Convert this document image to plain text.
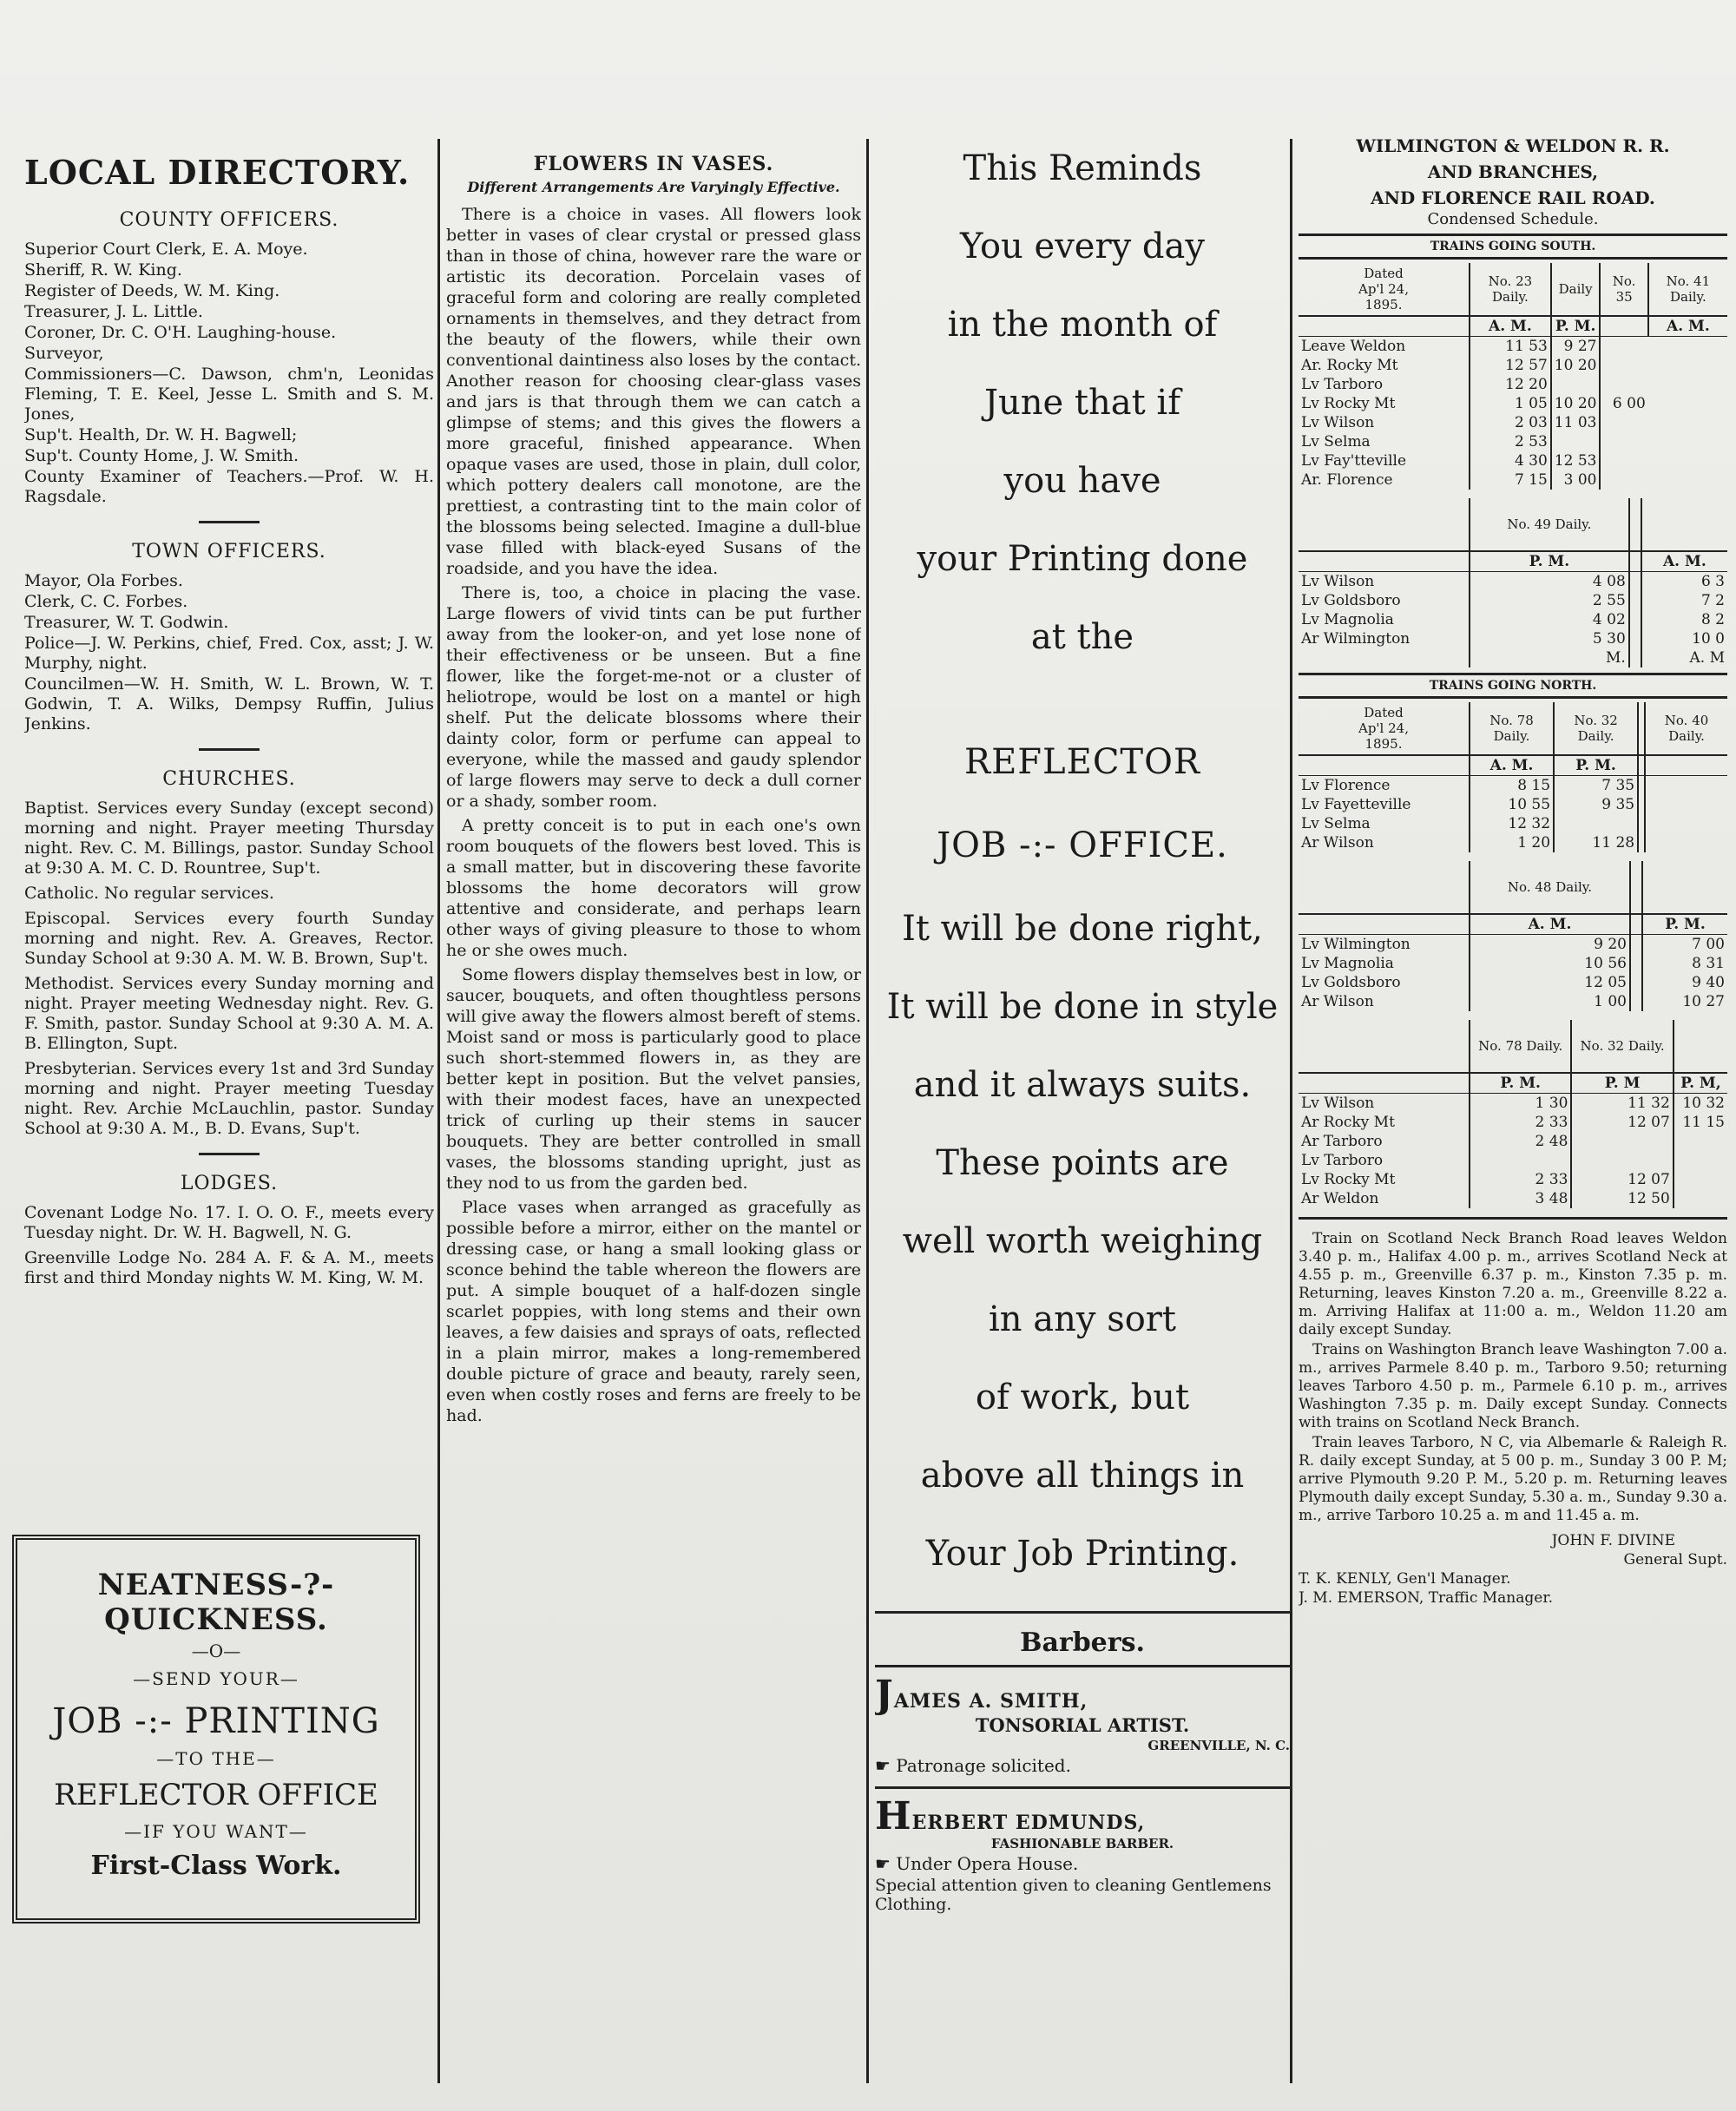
LOCAL DIRECTORY.
COUNTY OFFICERS.
Superior Court Clerk, E. A. Moye.
Sheriff, R. W. King.
Register of Deeds, W. M. King.
Treasurer, J. L. Little.
Coroner, Dr. C. O'H. Laughing-house.
Surveyor,
Commissioners—C. Dawson, chm'n, Leonidas Fleming, T. E. Keel, Jesse L. Smith and S. M. Jones,
Sup't. Health, Dr. W. H. Bagwell;
Sup't. County Home, J. W. Smith.
County Examiner of Teachers.—Prof. W. H. Ragsdale.
TOWN OFFICERS.
Mayor, Ola Forbes.
Clerk, C. C. Forbes.
Treasurer, W. T. Godwin.
Police—J. W. Perkins, chief, Fred. Cox, asst; J. W. Murphy, night.
Councilmen—W. H. Smith, W. L. Brown, W. T. Godwin, T. A. Wilks, Dempsy Ruffin, Julius Jenkins.
CHURCHES.
Baptist. Services every Sunday (except second) morning and night. Prayer meeting Thursday night. Rev. C. M. Billings, pastor. Sunday School at 9:30 A. M. C. D. Rountree, Sup't.
Catholic. No regular services.
Episcopal. Services every fourth Sunday morning and night. Rev. A. Greaves, Rector. Sunday School at 9:30 A. M. W. B. Brown, Sup't.
Methodist. Services every Sunday morning and night. Prayer meeting Wednesday night. Rev. G. F. Smith, pastor. Sunday School at 9:30 A. M. A. B. Ellington, Supt.
Presbyterian. Services every 1st and 3rd Sunday morning and night. Prayer meeting Tuesday night. Rev. Archie McLauchlin, pastor. Sunday School at 9:30 A. M., B. D. Evans, Sup't.
LODGES.
Covenant Lodge No. 17. I. O. O. F., meets every Tuesday night. Dr. W. H. Bagwell, N. G.
Greenville Lodge No. 284 A. F. & A. M., meets first and third Monday nights W. M. King, W. M.
NEATNESS-?-QUICKNESS.
—O—
—SEND YOUR—
JOB -:- PRINTING
—TO THE—
REFLECTOR OFFICE
—IF YOU WANT—
First-Class Work.
FLOWERS IN VASES.
Different Arrangements Are Varyingly Effective.

There is a choice in vases. All flowers look better in vases of clear crystal or pressed glass than in those of china, however rare the ware or artistic its decoration. Porcelain vases of graceful form and coloring are really completed ornaments in themselves, and they detract from the beauty of the flowers, while their own conventional daintiness also loses by the contact. Another reason for choosing clear-glass vases and jars is that through them we can catch a glimpse of stems; and this gives the flowers a more graceful, finished appearance. When opaque vases are used, those in plain, dull color, which pottery dealers call monotone, are the prettiest, a contrasting tint to the main color of the blossoms being selected. Imagine a dull-blue vase filled with black-eyed Susans of the roadside, and you have the idea.

There is, too, a choice in placing the vase. Large flowers of vivid tints can be put further away from the looker-on, and yet lose none of their effectiveness or be unseen. But a fine flower, like the forget-me-not or a cluster of heliotrope, would be lost on a mantel or high shelf. Put the delicate blossoms where their dainty color, form or perfume can appeal to everyone, while the massed and gaudy splendor of large flowers may serve to deck a dull corner or a shady, somber room.

A pretty conceit is to put in each one's own room bouquets of the flowers best loved. This is a small matter, but in discovering these favorite blossoms the home decorators will grow attentive and considerate, and perhaps learn other ways of giving pleasure to those to whom he or she owes much.

Some flowers display themselves best in low, or saucer, bouquets, and often thoughtless persons will give away the flowers almost bereft of stems. Moist sand or moss is particularly good to place such short-stemmed flowers in, as they are better kept in position. But the velvet pansies, with their modest faces, have an unexpected trick of curling up their stems in saucer bouquets. They are better controlled in small vases, the blossoms standing upright, just as they nod to us from the garden bed.

Place vases when arranged as gracefully as possible before a mirror, either on the mantel or dressing case, or hang a small looking glass or sconce behind the table whereon the flowers are put. A simple bouquet of a half-dozen single scarlet poppies, with long stems and their own leaves, a few daisies and sprays of oats, reflected in a plain mirror, makes a long-remembered double picture of grace and beauty, rarely seen, even when costly roses and ferns are freely to be had.

This Reminds
You every day
in the month of
June that if
you have
your Printing done
at the
REFLECTOR
JOB -:- OFFICE.
It will be done right,
It will be done in style
and it always suits.
These points are
well worth weighing
in any sort
of work, but
above all things in
Your Job Printing.
Barbers.
JAMES A. SMITH,
TONSORIAL ARTIST.
GREENVILLE, N. C.
☛ Patronage solicited.
HERBERT EDMUNDS,
FASHIONABLE BARBER.
☛ Under Opera House.
Special attention given to cleaning Gentlemens Clothing.
WILMINGTON & WELDON R. R.
AND BRANCHES,
AND FLORENCE RAIL ROAD.
Condensed Schedule.
TRAINS GOING SOUTH.
Dated
Ap'l 24,
1895.	No. 23 Daily.	Daily	No. 35	No. 41 Daily.
	A. M.	P. M.		A. M.
Leave Weldon	11 53	9 27		
Ar. Rocky Mt	12 57	10 20		
Lv Tarboro	12 20			
Lv Rocky Mt	1 05	10 20	6 00	
Lv Wilson	2 03	11 03		
Lv Selma	2 53			
Lv Fay'tteville	4 30	12 53		
Ar. Florence	7 15	3 00		
	No. 49 Daily.		
	P. M.		A. M.
Lv Wilson	4 08		6 3
Lv Goldsboro	2 55		7 2
Lv Magnolia	4 02		8 2
Ar Wilmington	5 30		10 0
	M.		A. M
TRAINS GOING NORTH.
Dated
Ap'l 24,
1895.	No. 78 Daily.	No. 32 Daily.		No. 40 Daily.
	A. M.	P. M.		
Lv Florence	8 15	7 35		
Lv Fayetteville	10 55	9 35		
Lv Selma	12 32			
Ar Wilson	1 20	11 28		
	No. 48 Daily.		
	A. M.		P. M.
Lv Wilmington	9 20		7 00
Lv Magnolia	10 56		8 31
Lv Goldsboro	12 05		9 40
Ar Wilson	1 00		10 27
	No. 78 Daily.	No. 32 Daily.	
	P. M.	P. M	P. M,
Lv Wilson	1 30	11 32	10 32
Ar Rocky Mt	2 33	12 07	11 15
Ar Tarboro	2 48		
Lv Tarboro			
Lv Rocky Mt	2 33	12 07	
Ar Weldon	3 48	12 50	

Train on Scotland Neck Branch Road leaves Weldon 3.40 p. m., Halifax 4.00 p. m., arrives Scotland Neck at 4.55 p. m., Greenville 6.37 p. m., Kinston 7.35 p. m. Returning, leaves Kinston 7.20 a. m., Greenville 8.22 a. m. Arriving Halifax at 11:00 a. m., Weldon 11.20 am daily except Sunday.

Trains on Washington Branch leave Washington 7.00 a. m., arrives Parmele 8.40 p. m., Tarboro 9.50; returning leaves Tarboro 4.50 p. m., Parmele 6.10 p. m., arrives Washington 7.35 p. m. Daily except Sunday. Connects with trains on Scotland Neck Branch.

Train leaves Tarboro, N C, via Albemarle & Raleigh R. R. daily except Sunday, at 5 00 p. m., Sunday 3 00 P. M; arrive Plymouth 9.20 P. M., 5.20 p. m. Returning leaves Plymouth daily except Sunday, 5.30 a. m., Sunday 9.30 a. m., arrive Tarboro 10.25 a. m and 11.45 a. m.

JOHN F. DIVINE
General Supt.
T. K. KENLY, Gen'l Manager.
J. M. EMERSON, Traffic Manager.
